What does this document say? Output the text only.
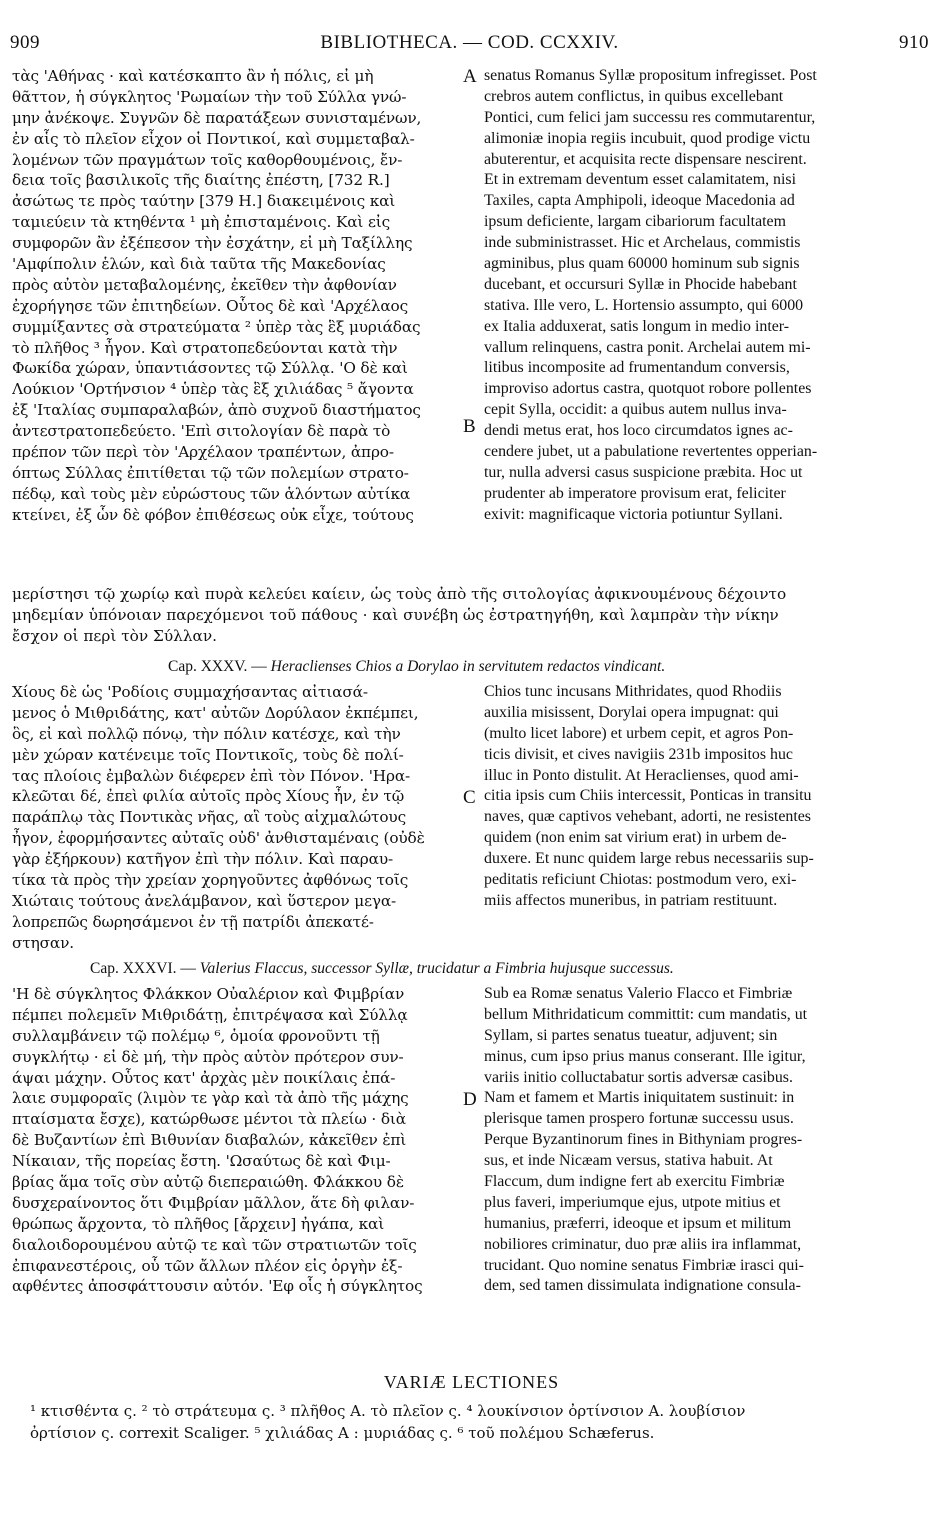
909	BIBLIOTHECA. — COD. CCXXIV.	910
τὰς 'Αθήνας · καὶ κατέσκαπτο ἂν ἡ πόλις, εἰ μὴ
θᾶττον, ἡ σύγκλητος 'Ρωμαίων τὴν τοῦ Σύλλα γνώ-
μην ἀνέκοψε. Συγνῶν δὲ παρατάξεων συνισταμένων,
ἐν αἷς τὸ πλεῖον εἶχον οἱ Ποντικοί, καὶ συμμεταβαλ-
λομένων τῶν πραγμάτων τοῖς καθορθουμένοις, ἔν-
δεια τοῖς βασιλικοῖς τῆς διαίτης ἐπέστη, [732 R.]
ἀσώτως τε πρὸς ταύτην [379 H.] διακειμένοις καὶ
ταμιεύειν τὰ κτηθέντα ¹ μὴ ἐπισταμένοις. Καὶ εἰς
συμφορῶν ἂν ἐξέπεσον τὴν ἐσχάτην, εἰ μὴ Ταξίλλης
'Αμφίπολιν ἑλών, καὶ διὰ ταῦτα τῆς Μακεδονίας
πρὸς αὐτὸν μεταβαλομένης, ἐκεῖθεν τὴν ἀφθονίαν
ἐχορήγησε τῶν ἐπιτηδείων. Οὗτος δὲ καὶ 'Αρχέλαος
συμμίξαντες σὰ στρατεύματα ² ὑπὲρ τὰς ἓξ μυριάδας
τὸ πλῆθος ³ ἦγον. Καὶ στρατοπεδεύονται κατὰ τὴν
Φωκίδα χώραν, ὑπαντιάσοντες τῷ Σύλλᾳ. 'Ο δὲ καὶ
Λούκιον 'Ορτήνσιον ⁴ ὑπὲρ τὰς ἓξ χιλιάδας ⁵ ἄγοντα
ἐξ 'Ιταλίας συμπαραλαβών, ἀπὸ συχνοῦ διαστήματος
ἀντεστρατοπεδεύετο. 'Επὶ σιτολογίαν δὲ παρὰ τὸ
πρέπον τῶν περὶ τὸν 'Αρχέλαον τραπέντων, ἀπρο-
όπτως Σύλλας ἐπιτίθεται τῷ τῶν πολεμίων στρατο-
πέδῳ, καὶ τοὺς μὲν εὐρώστους τῶν ἁλόντων αὐτίκα
κτείνει, ἐξ ὧν δὲ φόβον ἐπιθέσεως οὐκ εἶχε, τούτους
senatus Romanus Syllæ propositum infregisset. Post
crebros autem conflictus, in quibus excellebant
Pontici, cum felici jam successu res commutarentur,
alimoniæ inopia regiis incubuit, quod prodige victu
abuterentur, et acquisita recte dispensare nescirent.
Et in extremam deventum esset calamitatem, nisi
Taxiles, capta Amphipoli, ideoque Macedonia ad
ipsum deficiente, largam cibariorum facultatem
inde subministrasset. Hic et Archelaus, commistis
agminibus, plus quam 60000 hominum sub signis
ducebant, et occursuri Syllæ in Phocide habebant
stativa. Ille vero, L. Hortensio assumpto, qui 6000
ex Italia adduxerat, satis longum in medio inter-
vallum relinquens, castra ponit. Archelai autem mi-
litibus incomposite ad frumentandum conversis,
improviso adortus castra, quotquot robore pollentes
cepit Sylla, occidit: a quibus autem nullus inva-
dendi metus erat, hos loco circumdatos ignes ac-
cendere jubet, ut a pabulatione revertentes opperian-
tur, nulla adversi casus suspicione præbita. Hoc ut
prudenter ab imperatore provisum erat, feliciter
exivit: magnificaque victoria potiuntur Syllani.
μερίστησι τῷ χωρίῳ καὶ πυρὰ κελεύει καίειν, ὡς τοὺς ἀπὸ τῆς σιτολογίας ἀφικνουμένους δέχοιντο
μηδεμίαν ὑπόνοιαν παρεχόμενοι τοῦ πάθους · καὶ συνέβη ὡς ἐστρατηγήθη, καὶ λαμπρὰν τὴν νίκην
ἔσχον οἱ περὶ τὸν Σύλλαν.
A
B
Cap. XXXV. — Heraclienses Chios a Dorylao in servitutem redactos vindicant.
Χίους δὲ ὡς 'Ροδίοις συμμαχήσαντας αἰτιασά-
μενος ὁ Μιθριδάτης, κατ' αὐτῶν Δορύλαον ἐκπέμπει,
ὃς, εἰ καὶ πολλῷ πόνῳ, τὴν πόλιν κατέσχε, καὶ τὴν
μὲν χώραν κατένειμε τοῖς Ποντικοῖς, τοὺς δὲ πολί-
τας πλοίοις ἐμβαλὼν διέφερεν ἐπὶ τὸν Πόνον. 'Ηρα-
κλεῶται δέ, ἐπεὶ φιλία αὐτοῖς πρὸς Χίους ἦν, ἐν τῷ
παράπλῳ τὰς Ποντικὰς νῆας, αἳ τοὺς αἰχμαλώτους
ἦγον, ἐφορμήσαντες αὐταῖς οὐδ' ἀνθισταμέναις (οὐδὲ
γὰρ ἐξήρκουν) κατῆγον ἐπὶ τὴν πόλιν. Καὶ παραυ-
τίκα τὰ πρὸς τὴν χρείαν χορηγοῦντες ἀφθόνως τοῖς
Χιώταις τούτους ἀνελάμβανον, καὶ ὕστερον μεγα-
λοπρεπῶς δωρησάμενοι ἐν τῇ πατρίδι ἀπεκατέ-
στησαν.
Chios tunc incusans Mithridates, quod Rhodiis
auxilia misissent, Dorylai opera impugnat: qui
(multo licet labore) et urbem cepit, et agros Pon-
ticis divisit, et cives navigiis 231b impositos huc
illuc in Ponto distulit. At Heraclienses, quod ami-
citia ipsis cum Chiis intercessit, Ponticas in transitu
naves, quæ captivos vehebant, adorti, ne resistentes
quidem (non enim sat virium erat) in urbem de-
duxere. Et nunc quidem large rebus necessariis sup-
peditatis reficiunt Chiotas: postmodum vero, exi-
miis affectos muneribus, in patriam restituunt.
C
Cap. XXXVI. — Valerius Flaccus, successor Syllæ, trucidatur a Fimbria hujusque successus.
'Η δὲ σύγκλητος Φλάκκον Οὐαλέριον καὶ Φιμβρίαν
πέμπει πολεμεῖν Μιθριδάτῃ, ἐπιτρέψασα καὶ Σύλλᾳ
συλλαμβάνειν τῷ πολέμῳ ⁶, ὁμοία φρονοῦντι τῇ
συγκλήτῳ · εἰ δὲ μή, τὴν πρὸς αὐτὸν πρότερον συν-
άψαι μάχην. Οὗτος κατ' ἀρχὰς μὲν ποικίλαις ἐπά-
λαιε συμφοραῖς (λιμὸν τε γὰρ καὶ τὰ ἀπὸ τῆς μάχης
πταίσματα ἔσχε), κατώρθωσε μέντοι τὰ πλείω · διὰ
δὲ Βυζαντίων ἐπὶ Βιθυνίαν διαβαλών, κἀκεῖθεν ἐπὶ
Νίκαιαν, τῆς πορείας ἔστη. 'Ωσαύτως δὲ καὶ Φιμ-
βρίας ἅμα τοῖς σὺν αὐτῷ διεπεραιώθη. Φλάκκου δὲ
δυσχεραίνοντος ὅτι Φιμβρίαν μᾶλλον, ἅτε δὴ φιλαν-
θρώπως ἄρχοντα, τὸ πλῆθος [ἄρχειν] ἠγάπα, καὶ
διαλοιδορουμένου αὐτῷ τε καὶ τῶν στρατιωτῶν τοῖς
ἐπιφανεστέροις, οὗ τῶν ἄλλων πλέον εἰς ὀργὴν ἐξ-
αφθέντες ἀποσφάττουσιν αὐτόν. 'Εφ οἷς ἡ σύγκλητος
Sub ea Romæ senatus Valerio Flacco et Fimbriæ
bellum Mithridaticum committit: cum mandatis, ut
Syllam, si partes senatus tueatur, adjuvent; sin
minus, cum ipso prius manus conserant. Ille igitur,
variis initio colluctabatur sortis adversæ casibus.
Nam et famem et Martis iniquitatem sustinuit: in
plerisque tamen prospero fortunæ successu usus.
Perque Byzantinorum fines in Bithyniam progres-
sus, et inde Nicæam versus, stativa habuit. At
Flaccum, dum indigne fert ab exercitu Fimbriæ
plus faveri, imperiumque ejus, utpote mitius et
humanius, præferri, ideoque et ipsum et militum
nobiliores criminatur, duo præ aliis ira inflammat,
trucidant. Quo nomine senatus Fimbriæ irasci qui-
dem, sed tamen dissimulata indignatione consula-
D
VARIÆ LECTIONES
¹ κτισθέντα ς. ² τὸ στράτευμα ς. ³ πλῆθος A. τὸ πλεῖον ς. ⁴ λουκίνσιον ὀρτίνσιον A. λουβίσιον
ὀρτίσιον ς. correxit Scaliger. ⁵ χιλιάδας A : μυριάδας ς. ⁶ τοῦ πολέμου Schæferus.
